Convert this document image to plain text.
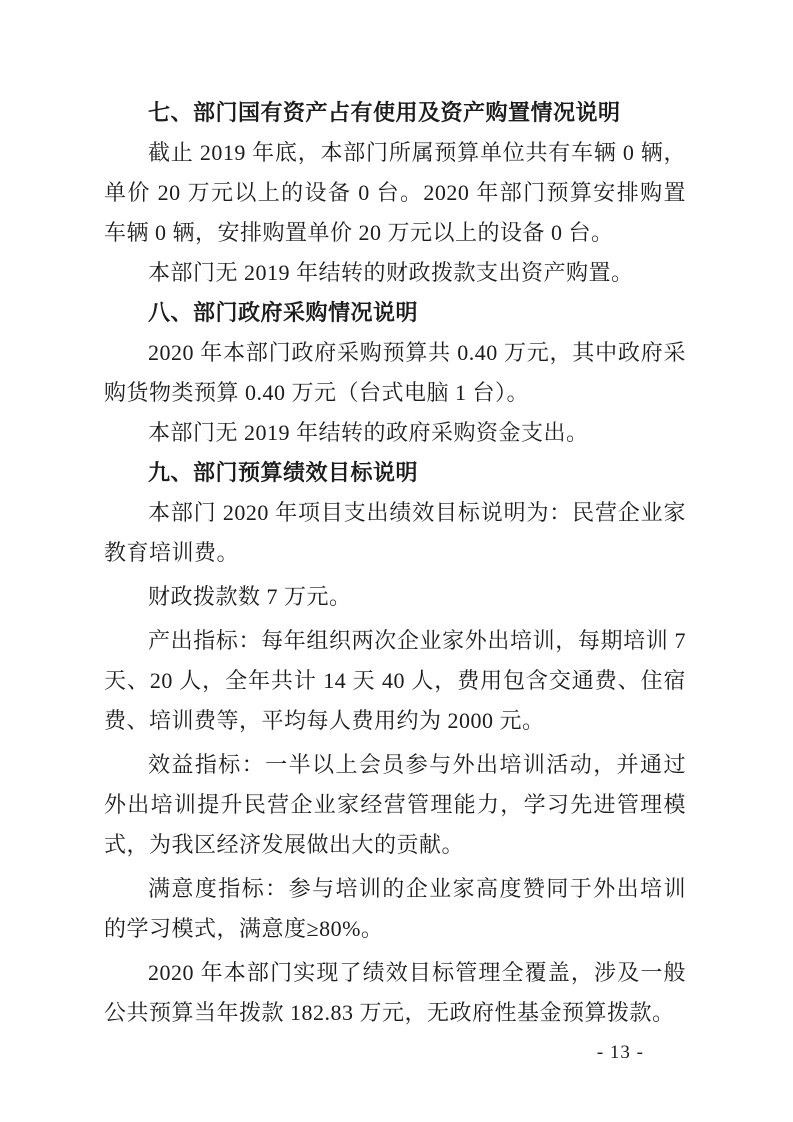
七、部门国有资产占有使用及资产购置情况说明

截止 2019 年底，本部门所属预算单位共有车辆 0 辆，单价 20 万元以上的设备 0 台。2020 年部门预算安排购置车辆 0 辆，安排购置单价 20 万元以上的设备 0 台。

本部门无 2019 年结转的财政拨款支出资产购置。

八、部门政府采购情况说明

2020 年本部门政府采购预算共 0.40 万元，其中政府采购货物类预算 0.40 万元（台式电脑 1 台）。

本部门无 2019 年结转的政府采购资金支出。

九、部门预算绩效目标说明

本部门 2020 年项目支出绩效目标说明为：民营企业家教育培训费。

财政拨款数 7 万元。

产出指标：每年组织两次企业家外出培训，每期培训 7 天、20 人，全年共计 14 天 40 人，费用包含交通费、住宿费、培训费等，平均每人费用约为 2000 元。

效益指标：一半以上会员参与外出培训活动，并通过外出培训提升民营企业家经营管理能力，学习先进管理模式，为我区经济发展做出大的贡献。

满意度指标：参与培训的企业家高度赞同于外出培训的学习模式，满意度≥80%。

2020 年本部门实现了绩效目标管理全覆盖，涉及一般公共预算当年拨款 182.83 万元，无政府性基金预算拨款。

- 13 -
